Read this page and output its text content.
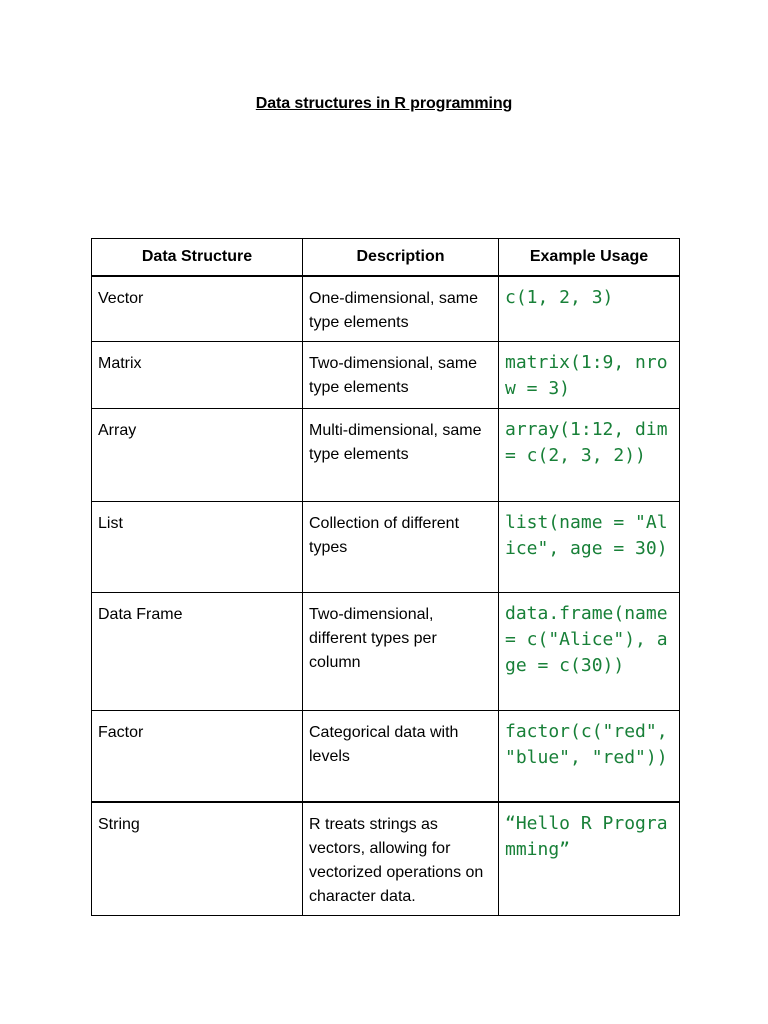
Data structures in R programming
Data Structure	Description	Example Usage
Vector	One-dimensional, same type elements	c(1, 2, 3)
Matrix	Two-dimensional, same type elements	matrix(1:9, nrow = 3)
Array	Multi-dimensional, same type elements	array(1:12, dim = c(2, 3, 2))
List	Collection of different types	list(name = "Alice", age = 30)
Data Frame	Two-dimensional, different types per column	data.frame(name = c("Alice"), age = c(30))
Factor	Categorical data with levels	factor(c("red", "blue", "red"))
String	R treats strings as vectors, allowing for vectorized operations on character data.	“Hello R Programming”
